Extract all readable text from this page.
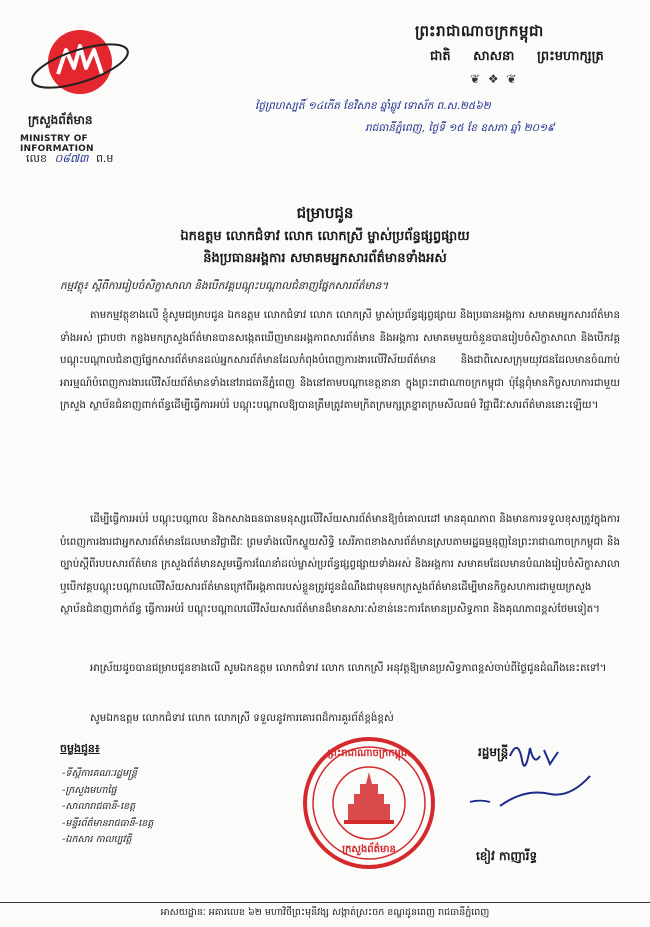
ក្រសួងព័ត៌មាន
MINISTRY OF INFORMATION
លេខ ០៨៧៣ ព.ម
ព្រះរាជាណាចក្រកម្ពុជា
ជាតិ សាសនា ព្រះមហាក្សត្រ
❦ ❖ ❦
ថ្ងៃព្រហស្បតិ៍ ១៤កើត ខែវិសាខ ឆ្នាំឆ្លូវ ទោស័ក ព.ស.២៥៦២
រាជធានីភ្នំពេញ, ថ្ងៃទី ១៥ ខែ ឧសភា ឆ្នាំ ២០១៩
ជម្រាបជូន
ឯកឧត្តម លោកជំទាវ លោក លោកស្រី ម្ចាស់ប្រព័ន្ធផ្សព្វផ្សាយ
និងប្រធានអង្គការ សមាគមអ្នកសារព័ត៌មានទាំងអស់
កម្មវត្ថុ៖ ស្ដីពីការរៀបចំសិក្ខាសាលា និងបើកវគ្គបណ្ដុះបណ្ដាលជំនាញផ្នែកសារព័ត៌មាន។
តាមកម្មវត្ថុខាងលើ ខ្ញុំសូមជម្រាបជូន ឯកឧត្តម លោកជំទាវ លោក លោកស្រី ម្ចាស់ប្រព័ន្ធផ្សព្វផ្សាយ និងប្រធានអង្គការ សមាគមអ្នកសារព័ត៌មានទាំងអស់ ជ្រាបថា កន្លងមកក្រសួងព័ត៌មានបានសង្កេតឃើញមានអង្គភាពសារព័ត៌មាន និងអង្គការ សមាគមមួយចំនួនបានរៀបចំសិក្ខាសាលា និងបើកវគ្គបណ្ដុះបណ្ដាលជំនាញផ្នែកសារព័ត៌មានដល់អ្នកសារព័ត៌មានដែលកំពុងបំពេញការងារលើវិស័យព័ត៌មាន និងជាពិសេសក្រុមយុវជនដែលមានចំណាប់អារម្មណ៍បំពេញការងារលើវិស័យព័ត៌មានទាំងនៅរាជធានីភ្នំពេញ និងនៅតាមបណ្ដាខេត្តនានា ក្នុងព្រះរាជាណាចក្រកម្ពុជា ប៉ុន្តែពុំមានកិច្ចសហការជាមួយក្រសួង ស្ថាប័នជំនាញពាក់ព័ន្ធដើម្បីធ្វើការអប់រំ បណ្ដុះបណ្ដាលឱ្យបានត្រឹមត្រូវតាមក្រិតក្រមក្សត្រខ្នាតក្រមសីលធម៌ វិជ្ជាជីវៈសារព័ត៌មាននោះឡើយ។
ដើម្បីធ្វើការអប់រំ បណ្ដុះបណ្ដាល និងកសាងធនធានមនុស្សលើវិស័យសារព័ត៌មានឱ្យចំគោលដៅ មានគុណភាព និងមានការទទួលខុសត្រូវក្នុងការបំពេញការងារជាអ្នកសារព័ត៌មានដែលមានវិជ្ជាជីវៈ ព្រមទាំងលើកស្ទួយសិទ្ធិ សេរីភាពខាងសារព័ត៌មានស្របតាមរដ្ឋធម្មនុញ្ញនៃព្រះរាជាណាចក្រកម្ពុជា និងច្បាប់ស្ដីពីរបបសារព័ត៌មាន ក្រសួងព័ត៌មានសូមធ្វើការណែនាំដល់ម្ចាស់ប្រព័ន្ធផ្សព្វផ្សាយទាំងអស់ និងអង្គការ សមាគមដែលមានបំណងរៀបចំសិក្ខាសាលា ឬបើកវគ្គបណ្ដុះបណ្ដាលលើវិស័យសារព័ត៌មានក្រៅពីអង្គភាពរបស់ខ្លួនត្រូវជូនដំណឹងជាមុនមកក្រសួងព័ត៌មានដើម្បីមានកិច្ចសហការជាមួយក្រសួង ស្ថាប័នជំនាញពាក់ព័ន្ធ ធ្វើការអប់រំ បណ្ដុះបណ្ដាលលើវិស័យសារព័ត៌មានដ៏មានសារៈសំខាន់នេះការតែមានប្រសិទ្ធភាព និងគុណភាពខ្ពស់ថែមទៀត។
អាស្រ័យដូចបានជម្រាបជូនខាងលើ សូមឯកឧត្តម លោកជំទាវ លោក លោកស្រី អនុវត្តឱ្យមានប្រសិទ្ធភាពខ្ពស់ចាប់ពីថ្ងៃជូនដំណឹងនេះតទៅ។
សូមឯកឧត្តម លោកជំទាវ លោក លោកស្រី ទទួលនូវការគោរពដ៏ការគួរព័ត៌ខ្ពង់ខ្ពស់
ចម្លងជូន៖
-ទីស្ដីការគណៈរដ្ឋមន្ត្រី
-ក្រសួងមហាផ្ទៃ
-សាលារាជធានី-ខេត្ត
-មន្ទីរព័ត៌មានរាជធានី-ខេត្ត
-ឯកសារ កាលប្បវត្តិ
ព្រះរាជាណាចក្រកម្ពុជា
ក្រសួងព័ត៌មាន
រដ្ឋមន្ត្រី
ខៀវ កាញារីទ្ធ
អាសយដ្ឋានៈ អគារលេខ ៦២ មហាវិថីព្រះមុនីវង្ស សង្កាត់ស្រះចក ខណ្ឌដូនពេញ រាជធានីភ្នំពេញ
